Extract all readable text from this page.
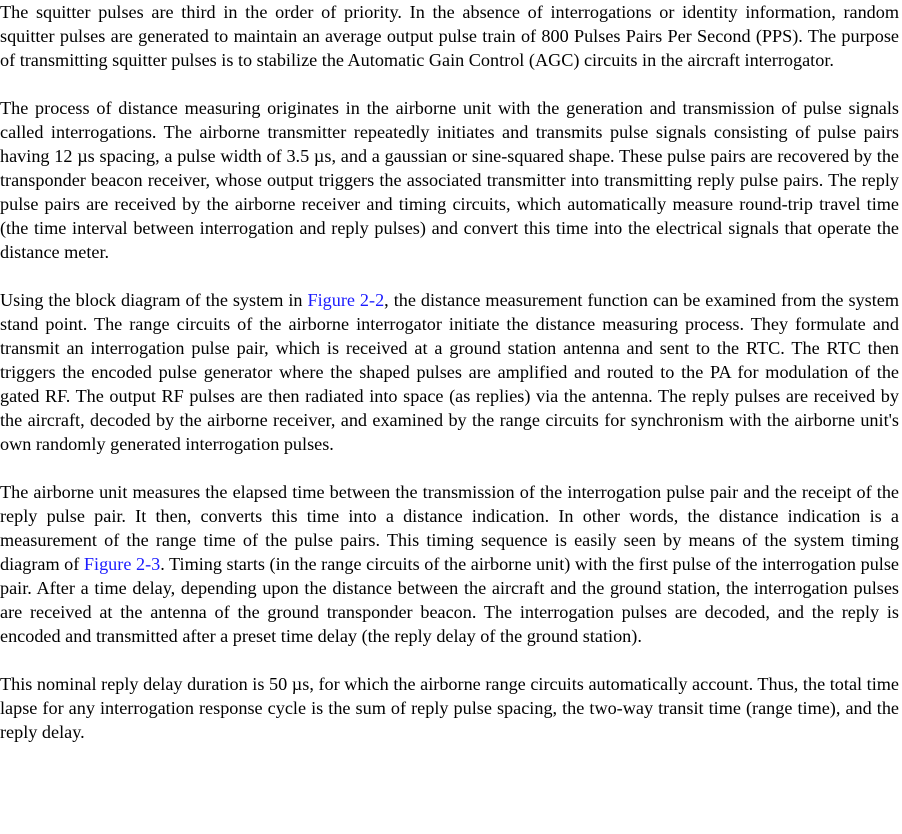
The squitter pulses are third in the order of priority. In the absence of interrogations or identity information, random squitter pulses are generated to maintain an average output pulse train of 800 Pulses Pairs Per Second (PPS). The purpose of transmitting squitter pulses is to stabilize the Automatic Gain Control (AGC) circuits in the aircraft interrogator.

The process of distance measuring originates in the airborne unit with the generation and transmission of pulse signals called interrogations. The airborne transmitter repeatedly initiates and transmits pulse signals consisting of pulse pairs having 12 µs spacing, a pulse width of 3.5 µs, and a gaussian or sine-squared shape. These pulse pairs are recovered by the transponder beacon receiver, whose output triggers the associated transmitter into transmitting reply pulse pairs. The reply pulse pairs are received by the airborne receiver and timing circuits, which automatically measure round-trip travel time (the time interval between interrogation and reply pulses) and convert this time into the electrical signals that operate the distance meter.

Using the block diagram of the system in Figure 2-2, the distance measurement function can be examined from the system stand point. The range circuits of the airborne interrogator initiate the distance measuring process. They formulate and transmit an interrogation pulse pair, which is received at a ground station antenna and sent to the RTC. The RTC then triggers the encoded pulse generator where the shaped pulses are amplified and routed to the PA for modulation of the gated RF. The output RF pulses are then radiated into space (as replies) via the antenna. The reply pulses are received by the aircraft, decoded by the airborne receiver, and examined by the range circuits for synchronism with the airborne unit's own randomly generated interrogation pulses.

The airborne unit measures the elapsed time between the transmission of the interrogation pulse pair and the receipt of the reply pulse pair. It then, converts this time into a distance indication. In other words, the distance indication is a measurement of the range time of the pulse pairs. This timing sequence is easily seen by means of the system timing diagram of Figure 2-3. Timing starts (in the range circuits of the airborne unit) with the first pulse of the interrogation pulse pair. After a time delay, depending upon the distance between the aircraft and the ground station, the interrogation pulses are received at the antenna of the ground transponder beacon. The interrogation pulses are decoded, and the reply is encoded and transmitted after a preset time delay (the reply delay of the ground station).

This nominal reply delay duration is 50 µs, for which the airborne range circuits automatically account. Thus, the total time lapse for any interrogation response cycle is the sum of reply pulse spacing, the two-way transit time (range time), and the reply delay.
